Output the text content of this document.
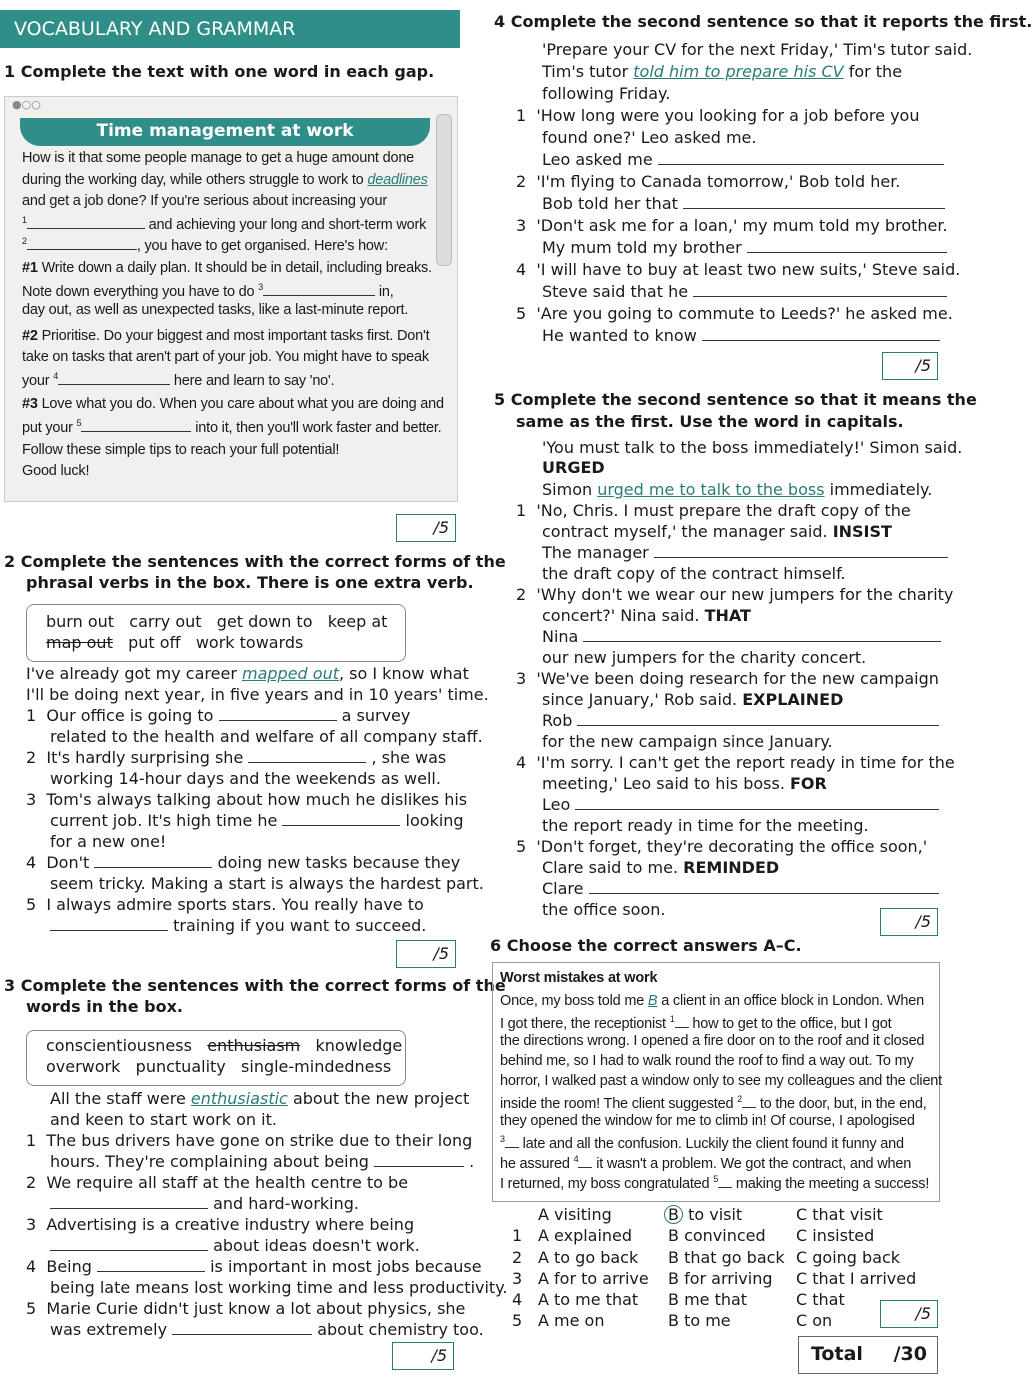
VOCABULARY AND GRAMMAR
1 Complete the text with one word in each gap.
●○○
Time management at work
How is it that some people manage to get a huge amount done
during the working day, while others struggle to work to deadlines
and get a job done? If you're serious about increasing your
$^1$	and achieving your long and short-term work
$^2$	, you have to get organised. Here's how:
#1 Write down a daily plan. It should be in detail, including breaks.
Note down everything you have to do $^3$	in,
day out, as well as unexpected tasks, like a last-minute report.
#2 Prioritise. Do your biggest and most important tasks first. Don't
take on tasks that aren't part of your job. You might have to speak
your $^4$	here and learn to say 'no'.
#3 Love what you do. When you care about what you are doing and
put your $^5$	into it, then you'll work faster and better.
Follow these simple tips to reach your full potential!
Good luck!
/5
2 Complete the sentences with the correct forms of the
phrasal verbs in the box. There is one extra verb.
burn out carry out get down to keep at
map out put off work towards
I've already got my career mapped out, so I know what
I'll be doing next year, in five years and in 10 years' time.
1 Our office is going to	a survey
related to the health and welfare of all company staff.
2 It's hardly surprising she	, she was
working 14-hour days and the weekends as well.
3 Tom's always talking about how much he dislikes his
current job. It's high time he	looking
for a new one!
4 Don't	doing new tasks because they
seem tricky. Making a start is always the hardest part.
5 I always admire sports stars. You really have to
training if you want to succeed.
/5
3 Complete the sentences with the correct forms of the
words in the box.
conscientiousness enthusiasm knowledge
overwork punctuality single-mindedness
All the staff were enthusiastic about the new project
and keen to start work on it.
1 The bus drivers have gone on strike due to their long
hours. They're complaining about being	.
2 We require all staff at the health centre to be
and hard-working.
3 Advertising is a creative industry where being
about ideas doesn't work.
4 Being	is important in most jobs because
being late means lost working time and less productivity.
5 Marie Curie didn't just know a lot about physics, she
was extremely	about chemistry too.
/5
4 Complete the second sentence so that it reports the first.
'Prepare your CV for the next Friday,' Tim's tutor said.
Tim's tutor told him to prepare his CV for the
following Friday.
1 'How long were you looking for a job before you
found one?' Leo asked me.
Leo asked me
2 'I'm flying to Canada tomorrow,' Bob told her.
Bob told her that
3 'Don't ask me for a loan,' my mum told my brother.
My mum told my brother
4 'I will have to buy at least two new suits,' Steve said.
Steve said that he
5 'Are you going to commute to Leeds?' he asked me.
He wanted to know
/5
5 Complete the second sentence so that it means the
same as the first. Use the word in capitals.
'You must talk to the boss immediately!' Simon said.
URGED
Simon urged me to talk to the boss immediately.
1 'No, Chris. I must prepare the draft copy of the
contract myself,' the manager said. INSIST
The manager
the draft copy of the contract himself.
2 'Why don't we wear our new jumpers for the charity
concert?' Nina said. THAT
Nina
our new jumpers for the charity concert.
3 'We've been doing research for the new campaign
since January,' Rob said. EXPLAINED
Rob
for the new campaign since January.
4 'I'm sorry. I can't get the report ready in time for the
meeting,' Leo said to his boss. FOR
Leo
the report ready in time for the meeting.
5 'Don't forget, they're decorating the office soon,'
Clare said to me. REMINDED
Clare
the office soon.
/5
6 Choose the correct answers A–C.
Worst mistakes at work
Once, my boss told me B a client in an office block in London. When
I got there, the receptionist $^1$ how to get to the office, but I got
the directions wrong. I opened a fire door on to the roof and it closed
behind me, so I had to walk round the roof to find a way out. To my
horror, I walked past a window only to see my colleagues and the client
inside the room! The client suggested $^2$ to the door, but, in the end,
they opened the window for me to climb in! Of course, I apologised
$^3$ late and all the confusion. Luckily the client found it funny and
he assured $^4$ it wasn't a problem. We got the contract, and when
I returned, my boss congratulated $^5$ making the meeting a success!
A visiting	B to visit	C that visit
1 A explained B convinced C insisted
2 A to go back B that go back C going back
3 A for to arrive B for arriving C that I arrived
4 A to me that B me that	C that
5 A me on	B to me	C on	/5
Total /30
